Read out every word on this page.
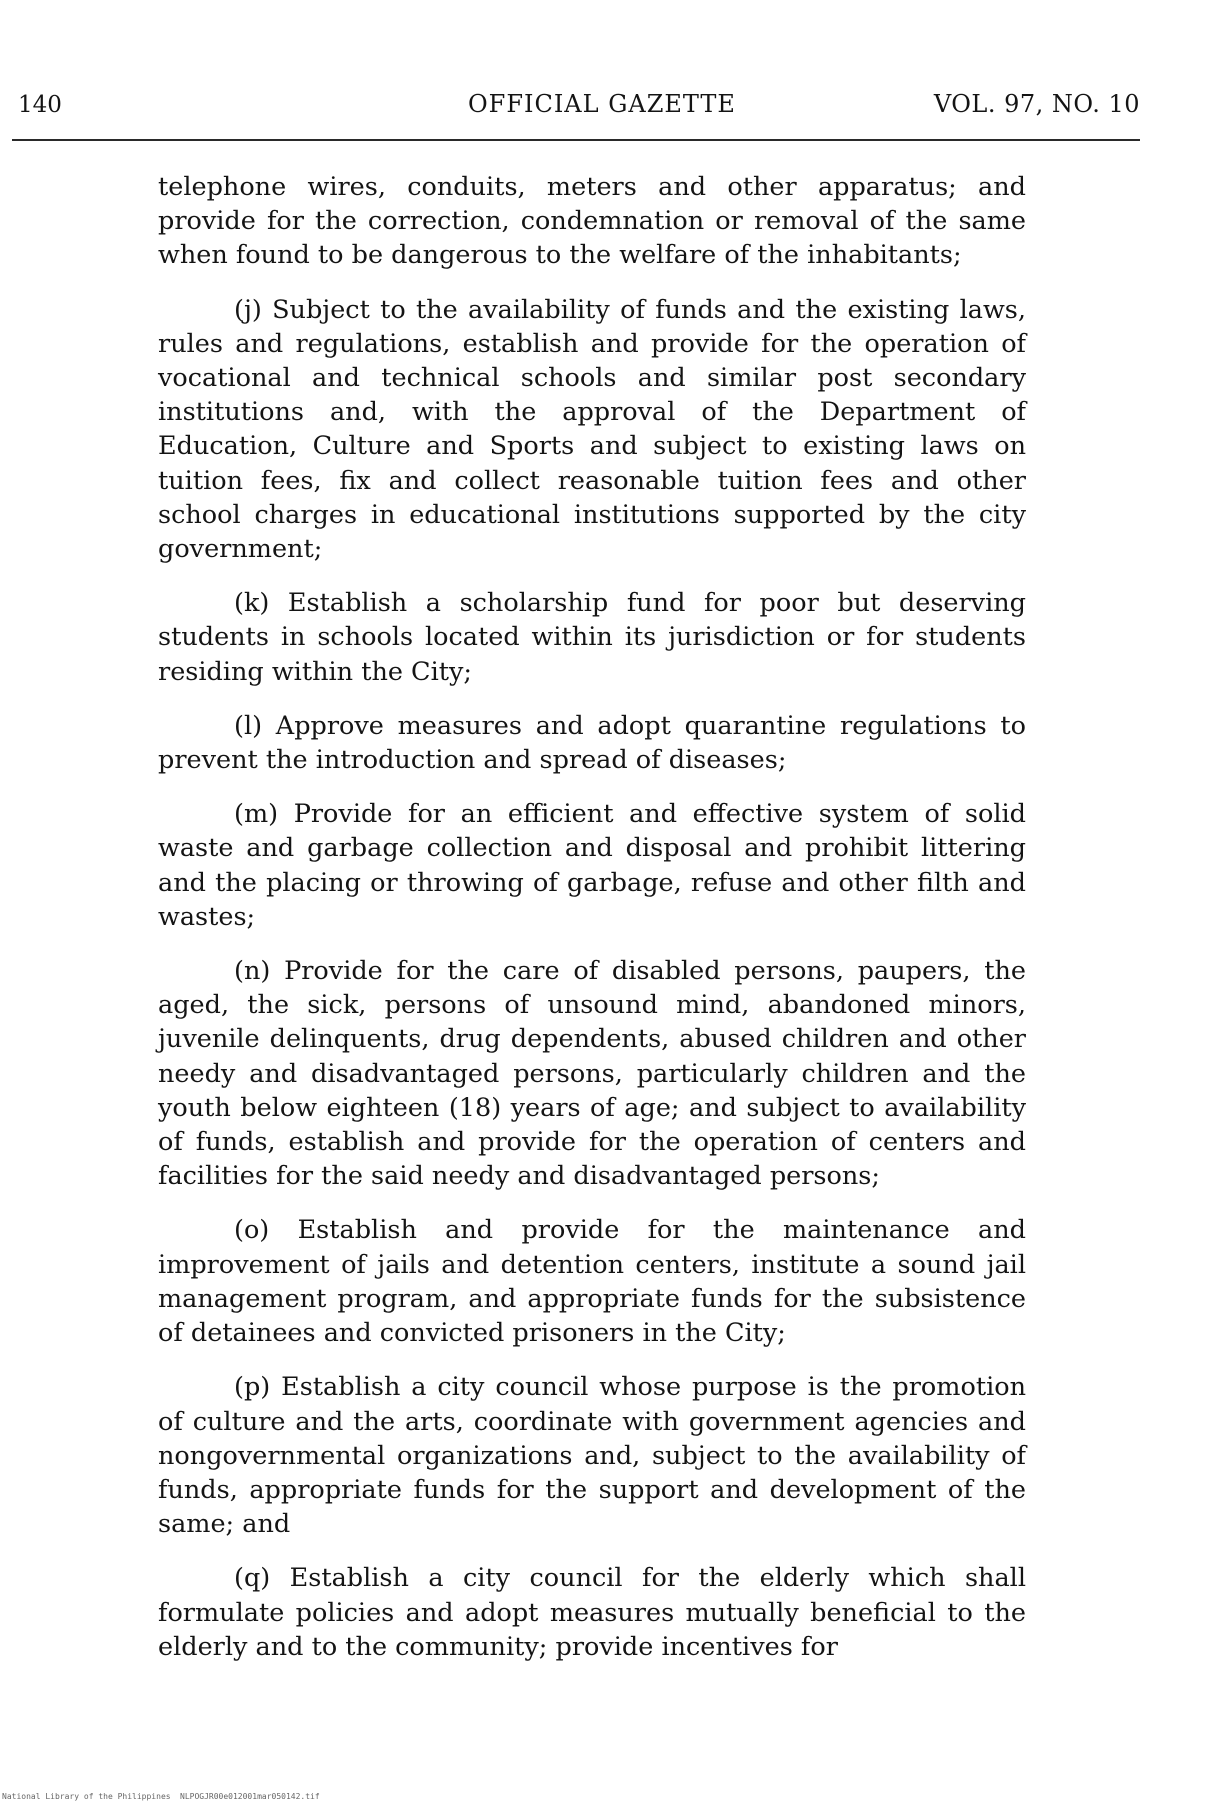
140	OFFICIAL GAZETTE	VOL. 97, NO. 10

telephone wires, conduits, meters and other apparatus; and provide for the correction, condemnation or removal of the same when found to be dangerous to the welfare of the inhabitants;

(j) Subject to the availability of funds and the existing laws, rules and regulations, establish and provide for the operation of vocational and technical schools and similar post secondary institutions and, with the approval of the Department of Education, Culture and Sports and subject to existing laws on tuition fees, fix and collect reasonable tuition fees and other school charges in educational institutions supported by the city government;

(k) Establish a scholarship fund for poor but deserving students in schools located within its jurisdiction or for students residing within the City;

(l) Approve measures and adopt quarantine regulations to prevent the introduction and spread of diseases;

(m) Provide for an efficient and effective system of solid waste and garbage collection and disposal and prohibit littering and the placing or throwing of garbage, refuse and other filth and wastes;

(n) Provide for the care of disabled persons, paupers, the aged, the sick, persons of unsound mind, abandoned minors, juvenile delinquents, drug dependents, abused children and other needy and disadvantaged persons, particularly children and the youth below eighteen (18) years of age; and subject to availability of funds, establish and provide for the operation of centers and facilities for the said needy and disadvantaged persons;

(o) Establish and provide for the maintenance and improvement of jails and detention centers, institute a sound jail management program, and appropriate funds for the subsistence of detainees and convicted prisoners in the City;

(p) Establish a city council whose purpose is the promotion of culture and the arts, coordinate with government agencies and nongovernmental organizations and, subject to the availability of funds, appropriate funds for the support and development of the same; and

(q) Establish a city council for the elderly which shall formulate policies and adopt measures mutually beneficial to the elderly and to the community; provide incentives for

National Library of the Philippines NLPOGJR00e012001mar050142.tif
